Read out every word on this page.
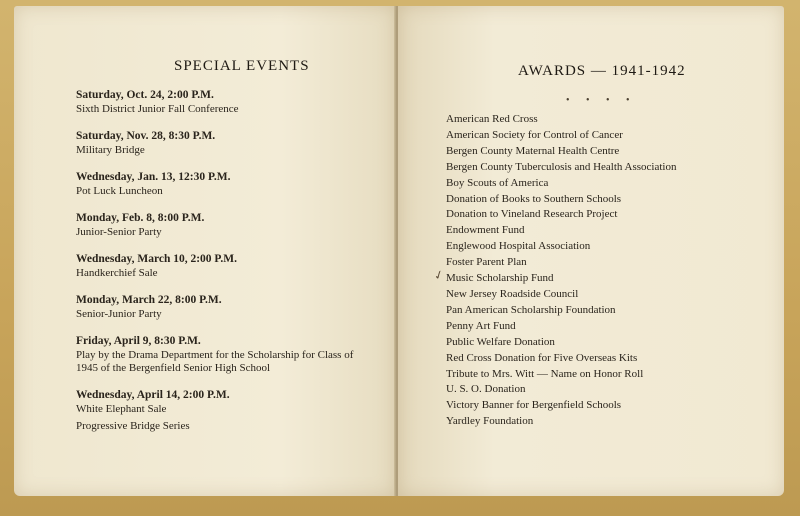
SPECIAL EVENTS
Saturday, Oct. 24, 2:00 P.M.
Sixth District Junior Fall Conference
Saturday, Nov. 28, 8:30 P.M.
Military Bridge
Wednesday, Jan. 13, 12:30 P.M.
Pot Luck Luncheon
Monday, Feb. 8, 8:00 P.M.
Junior-Senior Party
Wednesday, March 10, 2:00 P.M.
Handkerchief Sale
Monday, March 22, 8:00 P.M.
Senior-Junior Party
Friday, April 9, 8:30 P.M.
Play by the Drama Department for the Scholarship for Class of 1945 of the Bergenfield Senior High School
Wednesday, April 14, 2:00 P.M.
White Elephant Sale
Progressive Bridge Series
AWARDS — 1941-1942
• • • •
✓
American Red Cross
American Society for Control of Cancer
Bergen County Maternal Health Centre
Bergen County Tuberculosis and Health Association
Boy Scouts of America
Donation of Books to Southern Schools
Donation to Vineland Research Project
Endowment Fund
Englewood Hospital Association
Foster Parent Plan
Music Scholarship Fund
New Jersey Roadside Council
Pan American Scholarship Foundation
Penny Art Fund
Public Welfare Donation
Red Cross Donation for Five Overseas Kits
Tribute to Mrs. Witt — Name on Honor Roll
U. S. O. Donation
Victory Banner for Bergenfield Schools
Yardley Foundation
